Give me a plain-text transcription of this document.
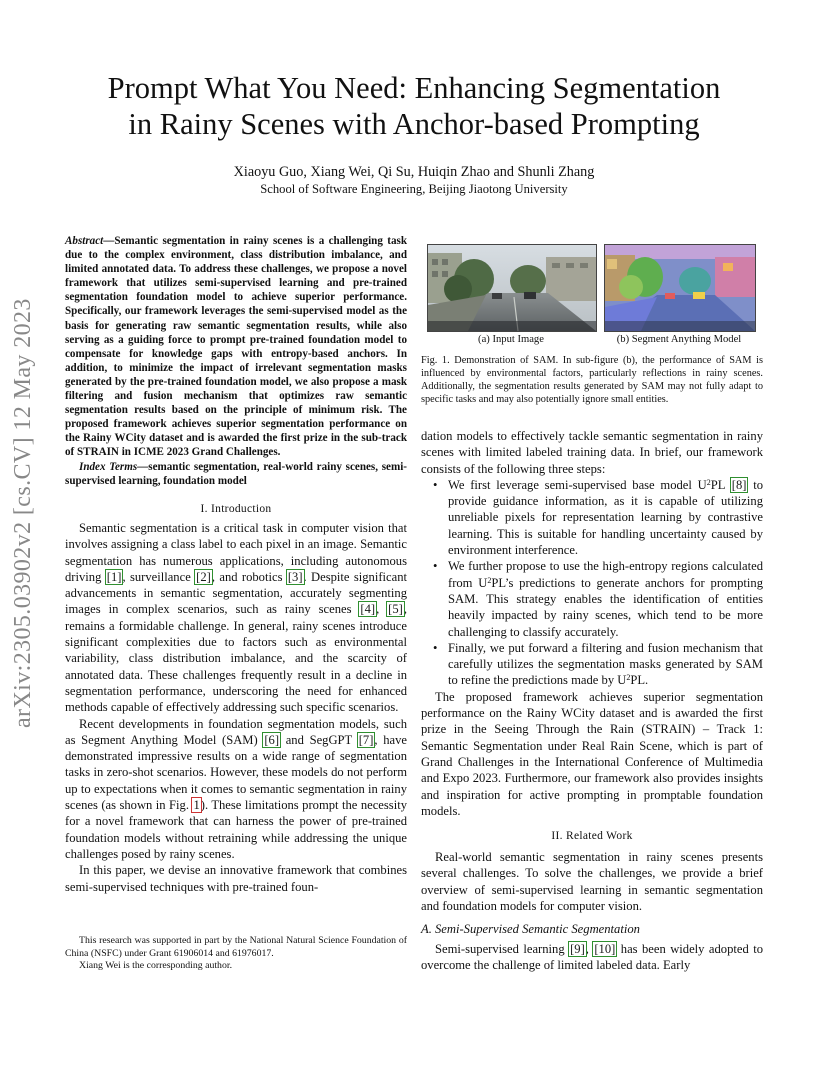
Prompt What You Need: Enhancing Segmentation
in Rainy Scenes with Anchor-based Prompting
Xiaoyu Guo, Xiang Wei, Qi Su, Huiqin Zhao and Shunli Zhang
School of Software Engineering, Beijing Jiaotong University
arXiv:2305.03902v2 [cs.CV] 12 May 2023

Abstract—Semantic segmentation in rainy scenes is a challenging task due to the complex environment, class distribution imbalance, and limited annotated data. To address these challenges, we propose a novel framework that utilizes semi-supervised learning and pre-trained segmentation foundation model to achieve superior performance. Specifically, our framework leverages the semi-supervised model as the basis for generating raw semantic segmentation results, while also serving as a guiding force to prompt pre-trained foundation model to compensate for knowledge gaps with entropy-based anchors. In addition, to minimize the impact of irrelevant segmentation masks generated by the pre-trained foundation model, we also propose a mask filtering and fusion mechanism that optimizes raw semantic segmentation results based on the principle of minimum risk. The proposed framework achieves superior segmentation performance on the Rainy WCity dataset and is awarded the first prize in the sub-track of STRAIN in ICME 2023 Grand Challenges.

Index Terms—semantic segmentation, real-world rainy scenes, semi-supervised learning, foundation model

I. Introduction

Semantic segmentation is a critical task in computer vision that involves assigning a class label to each pixel in an image. Semantic segmentation has numerous applications, including autonomous driving [1], surveillance [2], and robotics [3]. Despite significant advancements in semantic segmentation, accurately segmenting images in complex scenarios, such as rainy scenes [4], [5], remains a formidable challenge. In general, rainy scenes introduce significant complexities due to factors such as environmental variability, class distribution imbalance, and the scarcity of annotated data. These challenges frequently result in a decline in segmentation performance, underscoring the need for enhanced methods capable of effectively addressing such specific scenarios.

Recent developments in foundation segmentation models, such as Segment Anything Model (SAM) [6] and SegGPT [7], have demonstrated impressive results on a wide range of segmentation tasks in zero-shot scenarios. However, these models do not perform up to expectations when it comes to semantic segmentation in rainy scenes (as shown in Fig. 1). These limitations prompt the necessity for a novel framework that can harness the power of pre-trained foundation models without retraining while addressing the unique challenges posed by rainy scenes.

In this paper, we devise an innovative framework that combines semi-supervised techniques with pre-trained foun-

This research was supported in part by the National Natural Science Foundation of China (NSFC) under Grant 61906014 and 61976017.

Xiang Wei is the corresponding author.

(a) Input Image	(b) Segment Anything Model
Fig. 1. Demonstration of SAM. In sub-figure (b), the performance of SAM is influenced by environmental factors, particularly reflections in rainy scenes. Additionally, the segmentation results generated by SAM may not fully adapt to specific tasks and may also potentially ignore small entities.

dation models to effectively tackle semantic segmentation in rainy scenes with limited labeled training data. In brief, our framework consists of the following three steps:

• We first leverage semi-supervised base model $U^2PL$ [8] to provide guidance information, as it is capable of utilizing unreliable pixels for representation learning by contrastive learning. This is suitable for handling uncertainty caused by environment interference.
• We further propose to use the high-entropy regions calculated from $U^2PL’s$ predictions to generate anchors for prompting SAM. This strategy enables the identification of entities heavily impacted by rainy scenes, which tend to be more challenging to classify accurately.
• Finally, we put forward a filtering and fusion mechanism that carefully utilizes the segmentation masks generated by SAM to refine the predictions made by $U^2PL$.

The proposed framework achieves superior segmentation performance on the Rainy WCity dataset and is awarded the first prize in the Seeing Through the Rain (STRAIN) – Track 1: Semantic Segmentation under Real Rain Scene, which is part of Grand Challenges in the International Conference of Multimedia and Expo 2023. Furthermore, our framework also provides insights and inspiration for active prompting in promptable foundation models.

II. Related Work

Real-world semantic segmentation in rainy scenes presents several challenges. To solve the challenges, we provide a brief overview of semi-supervised learning in semantic segmentation and foundation models for computer vision.

A. Semi-Supervised Semantic Segmentation

Semi-supervised learning [9], [10] has been widely adopted to overcome the challenge of limited labeled data. Early
